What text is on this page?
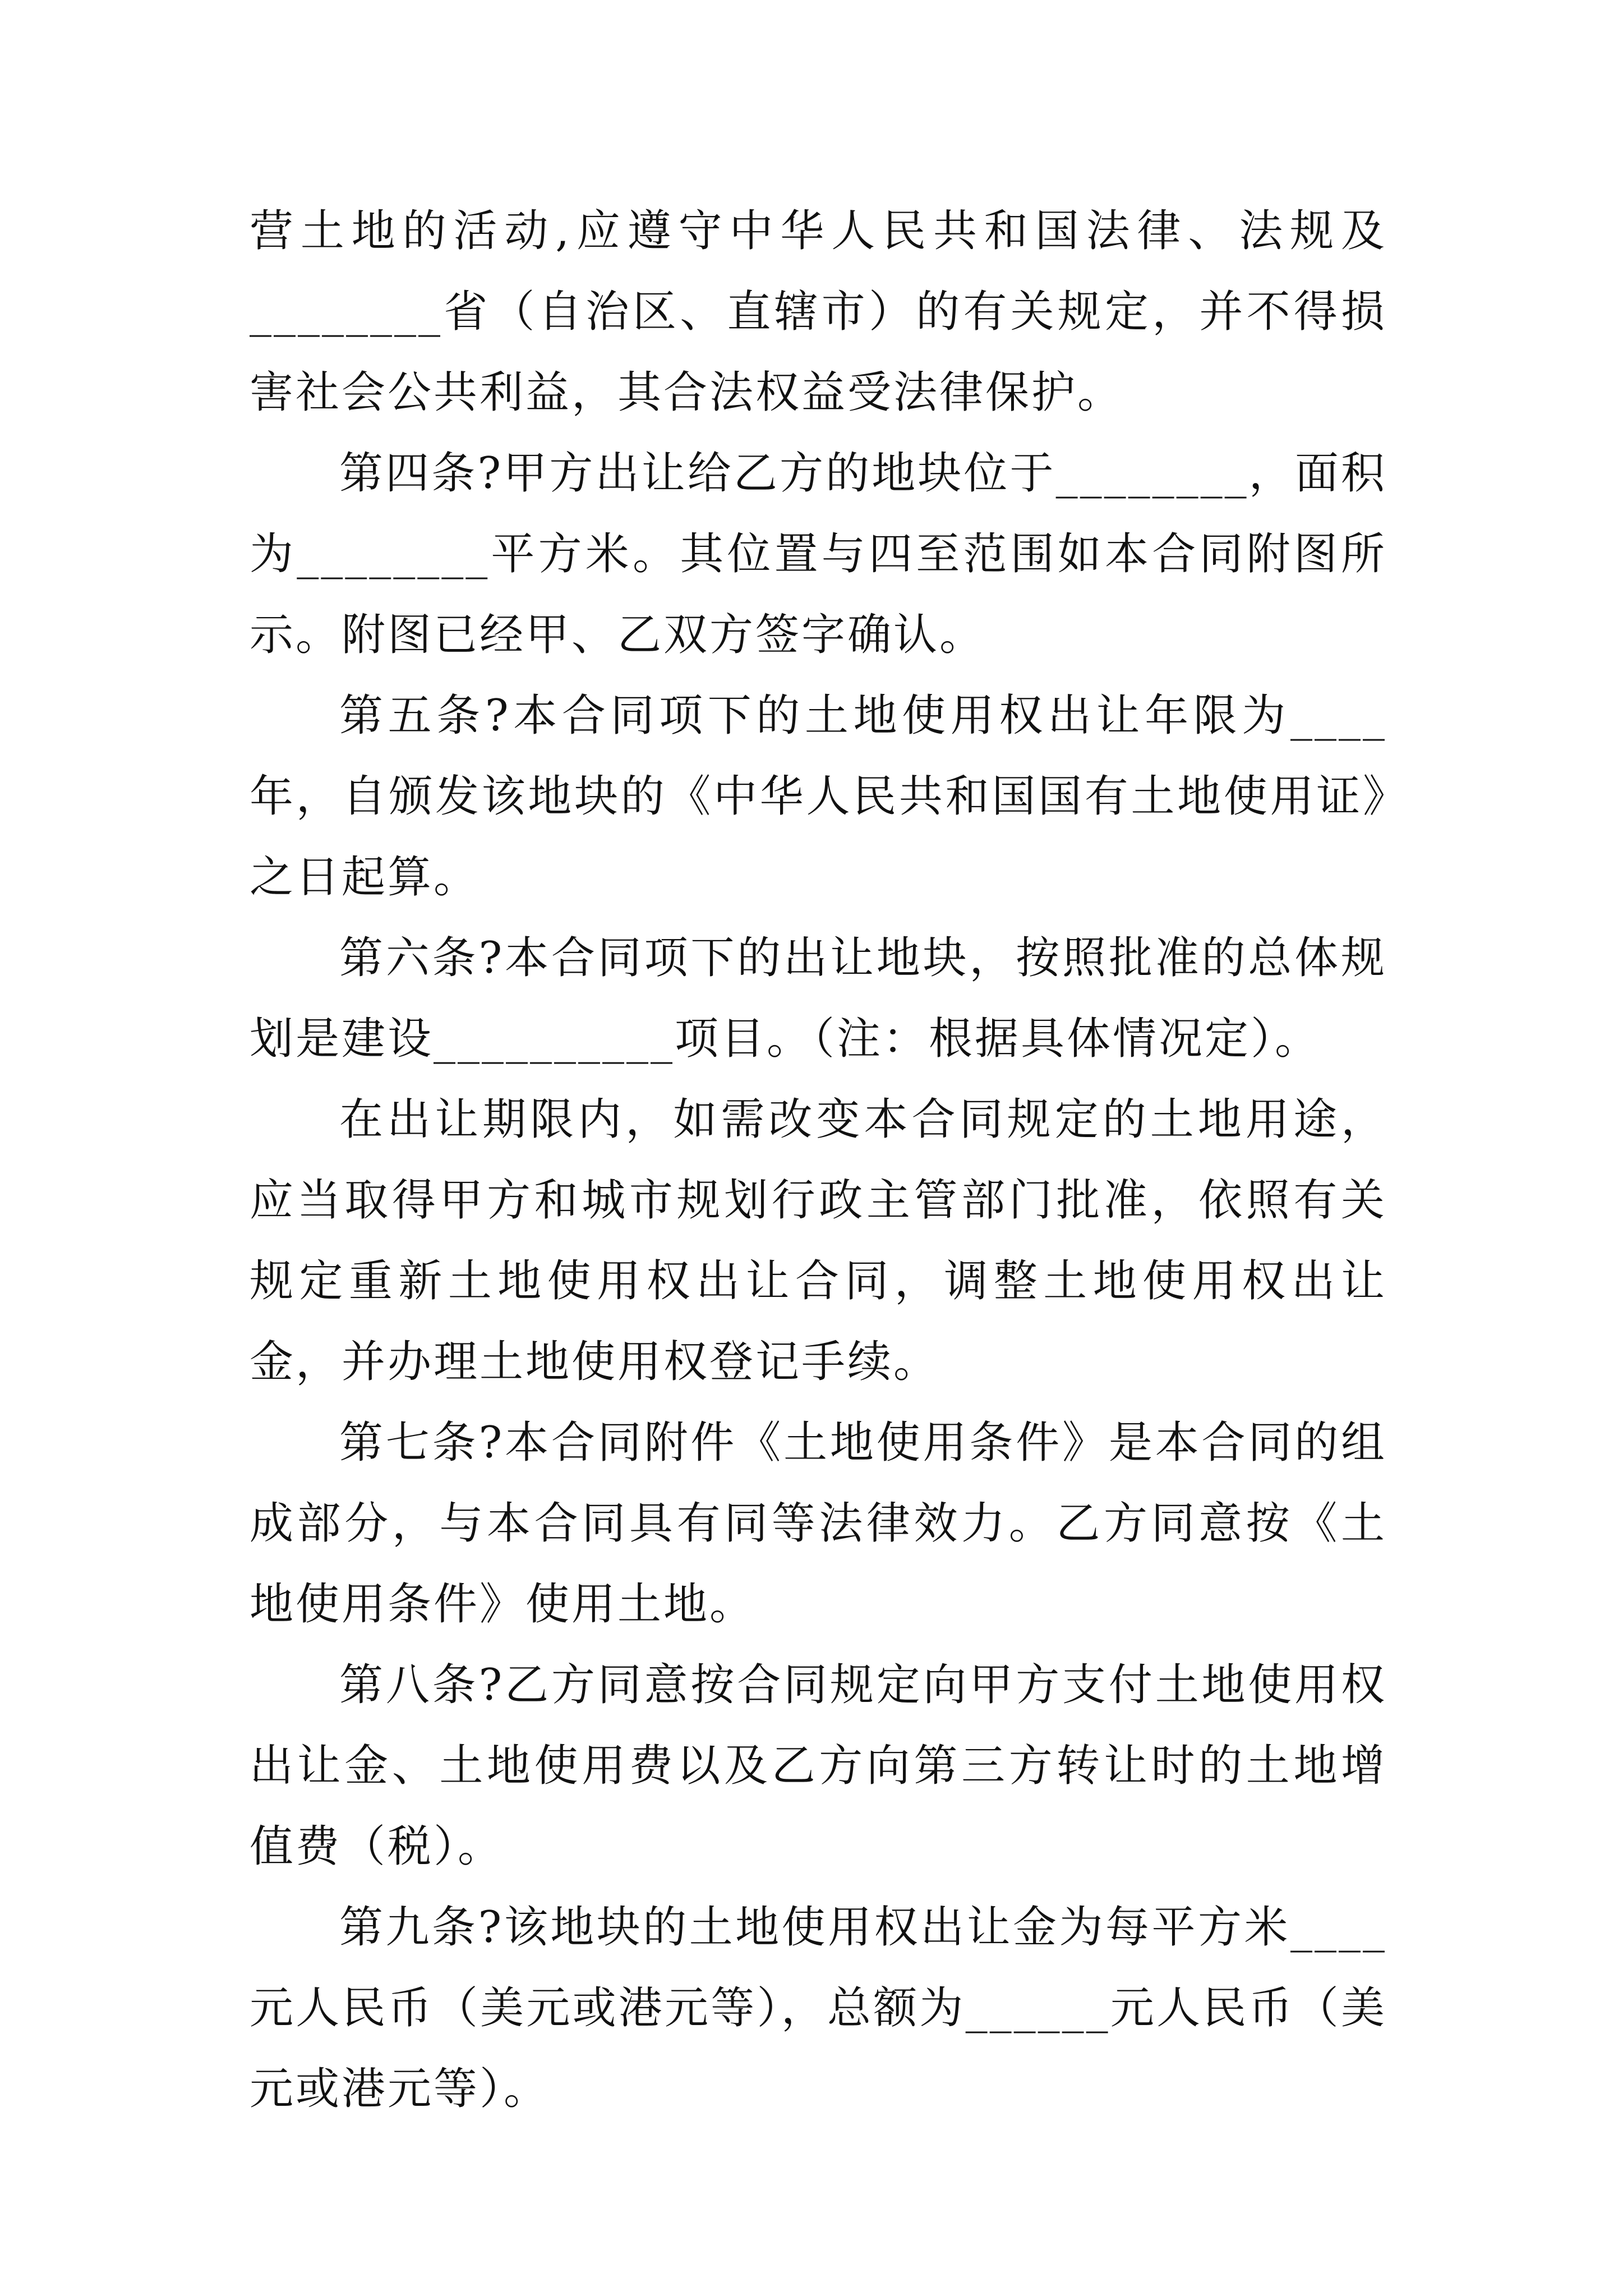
营土地的活动,应遵守中华人民共和国法律、法规及________省（自治区、直辖市）的有关规定，并不得损害社会公共利益，其合法权益受法律保护。

第四条?甲方出让给乙方的地块位于________，面积为________平方米。其位置与四至范围如本合同附图所示。附图已经甲、乙双方签字确认。

第五条?本合同项下的土地使用权出让年限为____年，自颁发该地块的《中华人民共和国国有土地使用证》之日起算。

第六条?本合同项下的出让地块，按照批准的总体规划是建设__________项目。（注：根据具体情况定）。

在出让期限内，如需改变本合同规定的土地用途，应当取得甲方和城市规划行政主管部门批准，依照有关规定重新土地使用权出让合同，调整土地使用权出让金，并办理土地使用权登记手续。

第七条?本合同附件《土地使用条件》是本合同的组成部分，与本合同具有同等法律效力。乙方同意按《土地使用条件》使用土地。

第八条?乙方同意按合同规定向甲方支付土地使用权出让金、土地使用费以及乙方向第三方转让时的土地增值费（税）。

第九条?该地块的土地使用权出让金为每平方米____元人民币（美元或港元等），总额为______元人民币（美元或港元等）。
